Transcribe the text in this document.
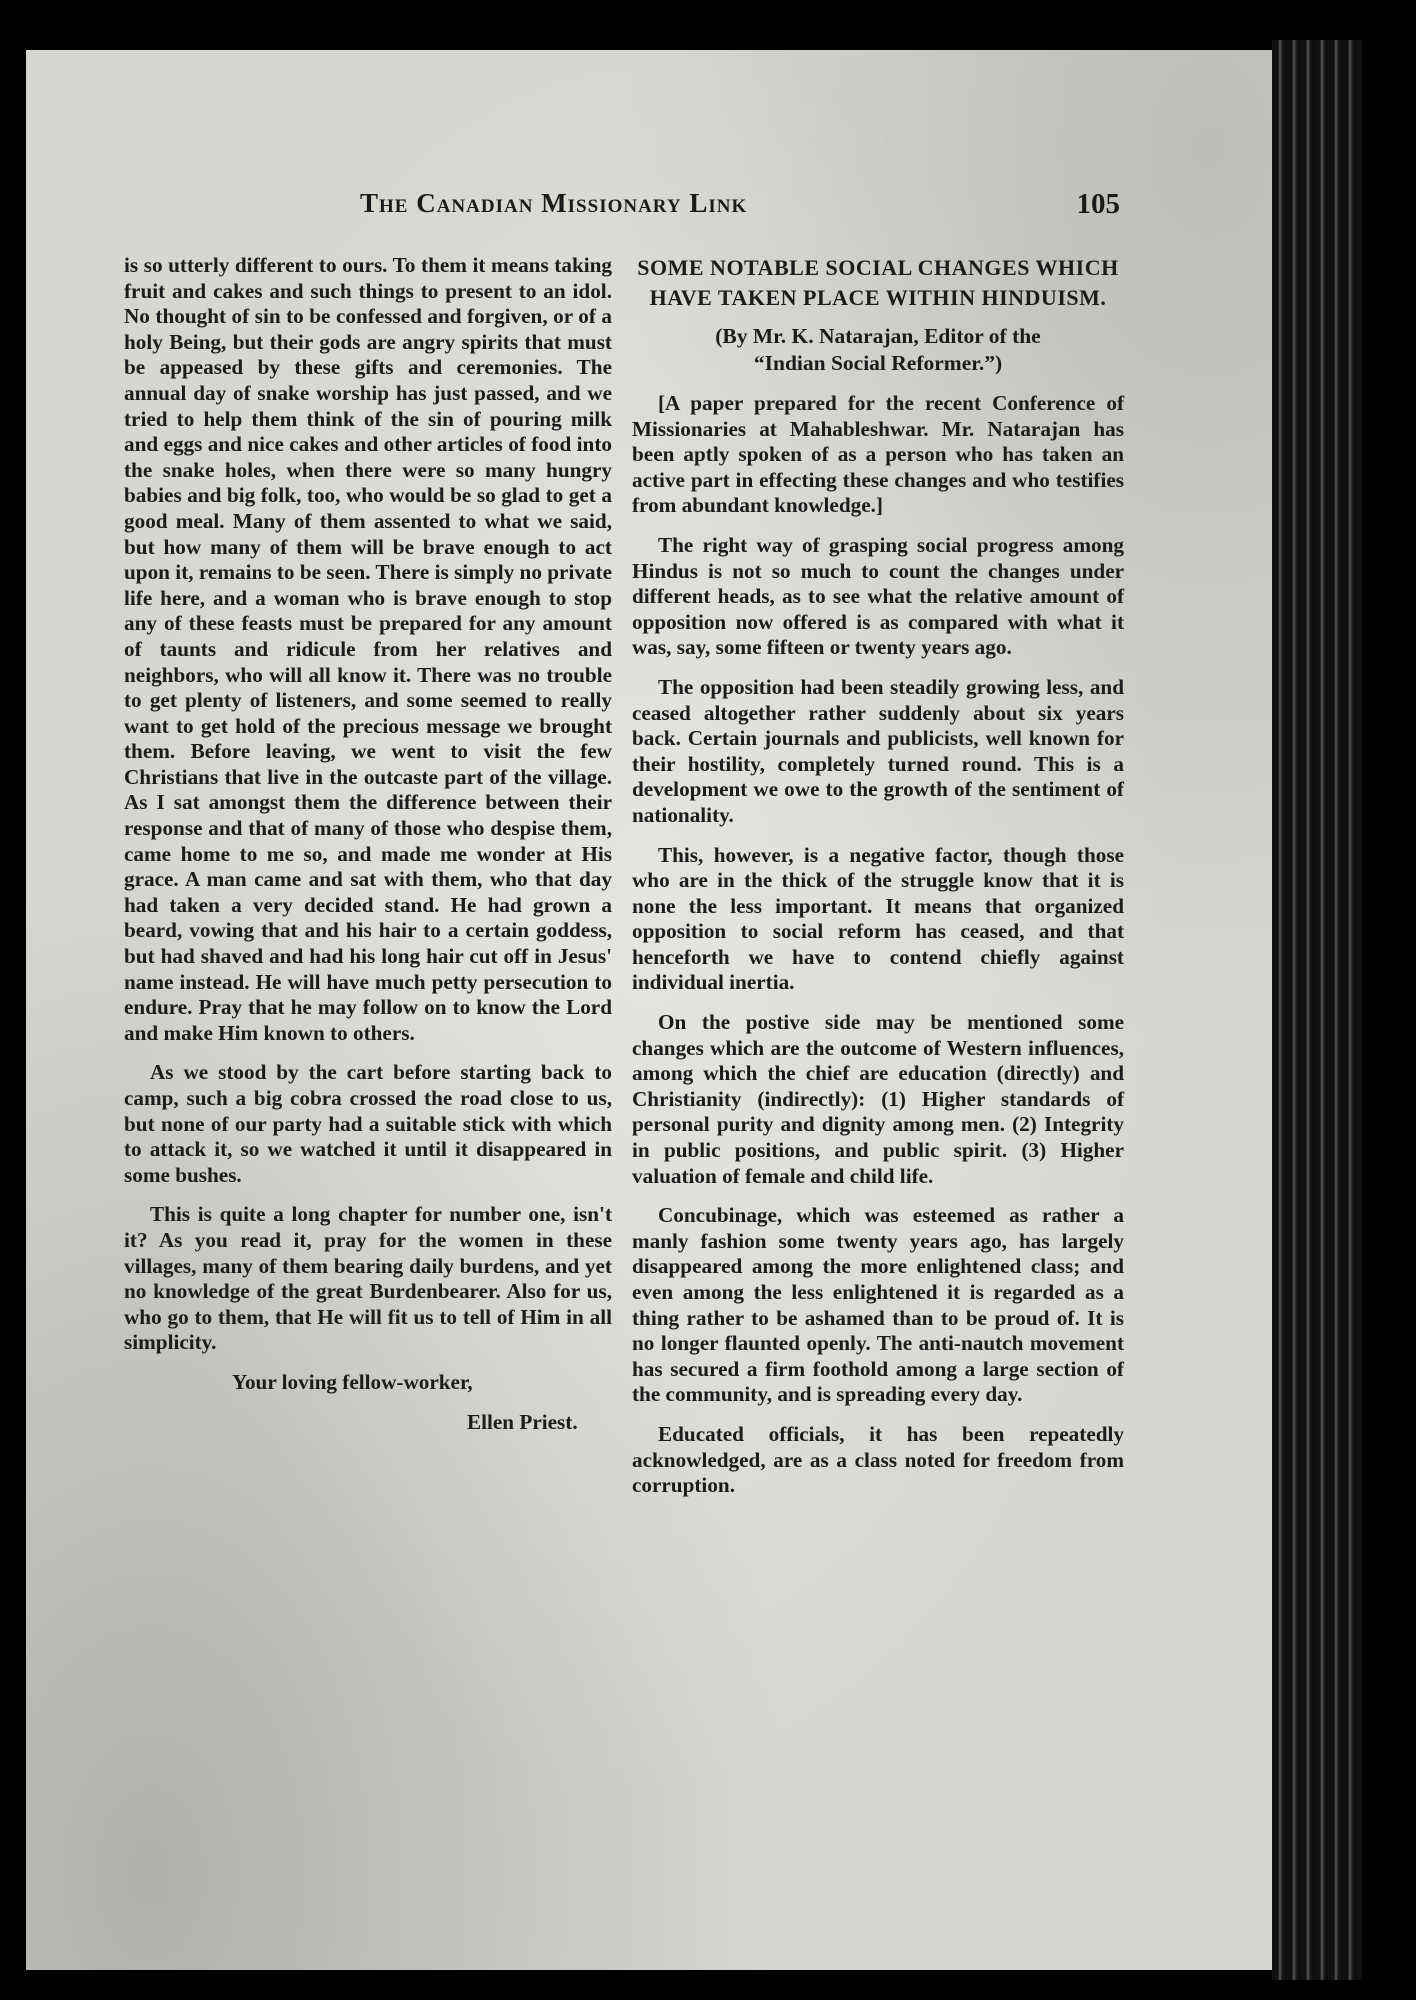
The Canadian Missionary Link	105

is so utterly different to ours. To them it means taking fruit and cakes and such things to present to an idol. No thought of sin to be confessed and forgiven, or of a holy Being, but their gods are angry spirits that must be appeased by these gifts and ceremonies. The annual day of snake worship has just passed, and we tried to help them think of the sin of pouring milk and eggs and nice cakes and other articles of food into the snake holes, when there were so many hungry babies and big folk, too, who would be so glad to get a good meal. Many of them assented to what we said, but how many of them will be brave enough to act upon it, remains to be seen. There is simply no private life here, and a woman who is brave enough to stop any of these feasts must be prepared for any amount of taunts and ridicule from her relatives and neighbors, who will all know it. There was no trouble to get plenty of listeners, and some seemed to really want to get hold of the precious message we brought them. Before leaving, we went to visit the few Christians that live in the outcaste part of the village. As I sat amongst them the difference between their response and that of many of those who despise them, came home to me so, and made me wonder at His grace. A man came and sat with them, who that day had taken a very decided stand. He had grown a beard, vowing that and his hair to a certain goddess, but had shaved and had his long hair cut off in Jesus' name instead. He will have much petty persecution to endure. Pray that he may follow on to know the Lord and make Him known to others.

As we stood by the cart before starting back to camp, such a big cobra crossed the road close to us, but none of our party had a suitable stick with which to attack it, so we watched it until it disappeared in some bushes.

This is quite a long chapter for number one, isn't it? As you read it, pray for the women in these villages, many of them bearing daily burdens, and yet no knowledge of the great Burdenbearer. Also for us, who go to them, that He will fit us to tell of Him in all simplicity.

Your loving fellow-worker,

Ellen Priest.

SOME NOTABLE SOCIAL CHANGES WHICH HAVE TAKEN PLACE WITHIN HINDUISM.
(By Mr. K. Natarajan, Editor of the
“Indian Social Reformer.”)

[A paper prepared for the recent Conference of Missionaries at Mahableshwar. Mr. Natarajan has been aptly spoken of as a person who has taken an active part in effecting these changes and who testifies from abundant knowledge.]

The right way of grasping social progress among Hindus is not so much to count the changes under different heads, as to see what the relative amount of opposition now offered is as compared with what it was, say, some fifteen or twenty years ago.

The opposition had been steadily growing less, and ceased altogether rather suddenly about six years back. Certain journals and publicists, well known for their hostility, completely turned round. This is a development we owe to the growth of the sentiment of nationality.

This, however, is a negative factor, though those who are in the thick of the struggle know that it is none the less important. It means that organized opposition to social reform has ceased, and that henceforth we have to contend chiefly against individual inertia.

On the postive side may be mentioned some changes which are the outcome of Western influences, among which the chief are education (directly) and Christianity (indirectly): (1) Higher standards of personal purity and dignity among men. (2) Integrity in public positions, and public spirit. (3) Higher valuation of female and child life.

Concubinage, which was esteemed as rather a manly fashion some twenty years ago, has largely disappeared among the more enlightened class; and even among the less enlightened it is regarded as a thing rather to be ashamed than to be proud of. It is no longer flaunted openly. The anti-nautch movement has secured a firm foothold among a large section of the community, and is spreading every day.

Educated officials, it has been repeatedly acknowledged, are as a class noted for freedom from corruption.
